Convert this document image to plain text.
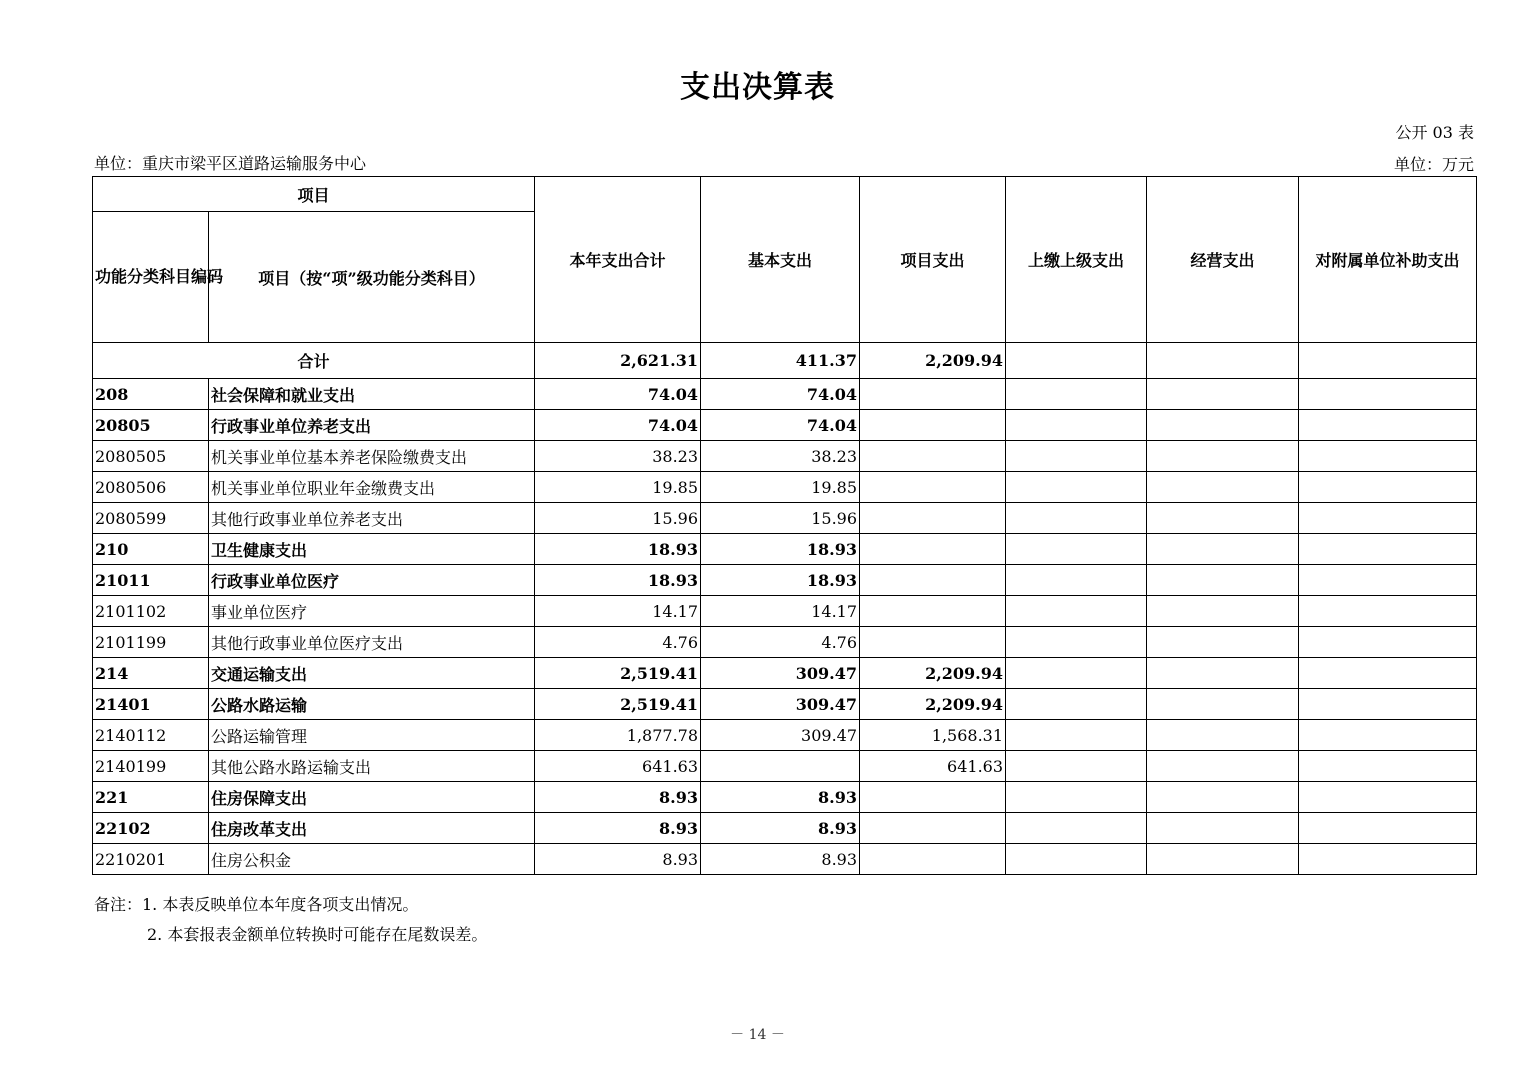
支出决算表
公开 03 表
单位：重庆市梁平区道路运输服务中心	单位：万元
项目		本年支出合计	基本支出	项目支出	上缴上级支出	经营支出	对附属单位补助支出
功能分类科目编码	项目（按“项”级功能分类科目）						
合计		2,621.31	411.37	2,209.94			
208	社会保障和就业支出	74.04	74.04				
20805	行政事业单位养老支出	74.04	74.04				
2080505	机关事业单位基本养老保险缴费支出	38.23	38.23				
2080506	机关事业单位职业年金缴费支出	19.85	19.85				
2080599	其他行政事业单位养老支出	15.96	15.96				
210	卫生健康支出	18.93	18.93				
21011	行政事业单位医疗	18.93	18.93				
2101102	事业单位医疗	14.17	14.17				
2101199	其他行政事业单位医疗支出	4.76	4.76				
214	交通运输支出	2,519.41	309.47	2,209.94			
21401	公路水路运输	2,519.41	309.47	2,209.94			
2140112	公路运输管理	1,877.78	309.47	1,568.31			
2140199	其他公路水路运输支出	641.63		641.63			
221	住房保障支出	8.93	8.93				
22102	住房改革支出	8.93	8.93				
2210201	住房公积金	8.93	8.93				
备注：1. 本表反映单位本年度各项支出情况。
2. 本套报表金额单位转换时可能存在尾数误差。
－ 14 －
